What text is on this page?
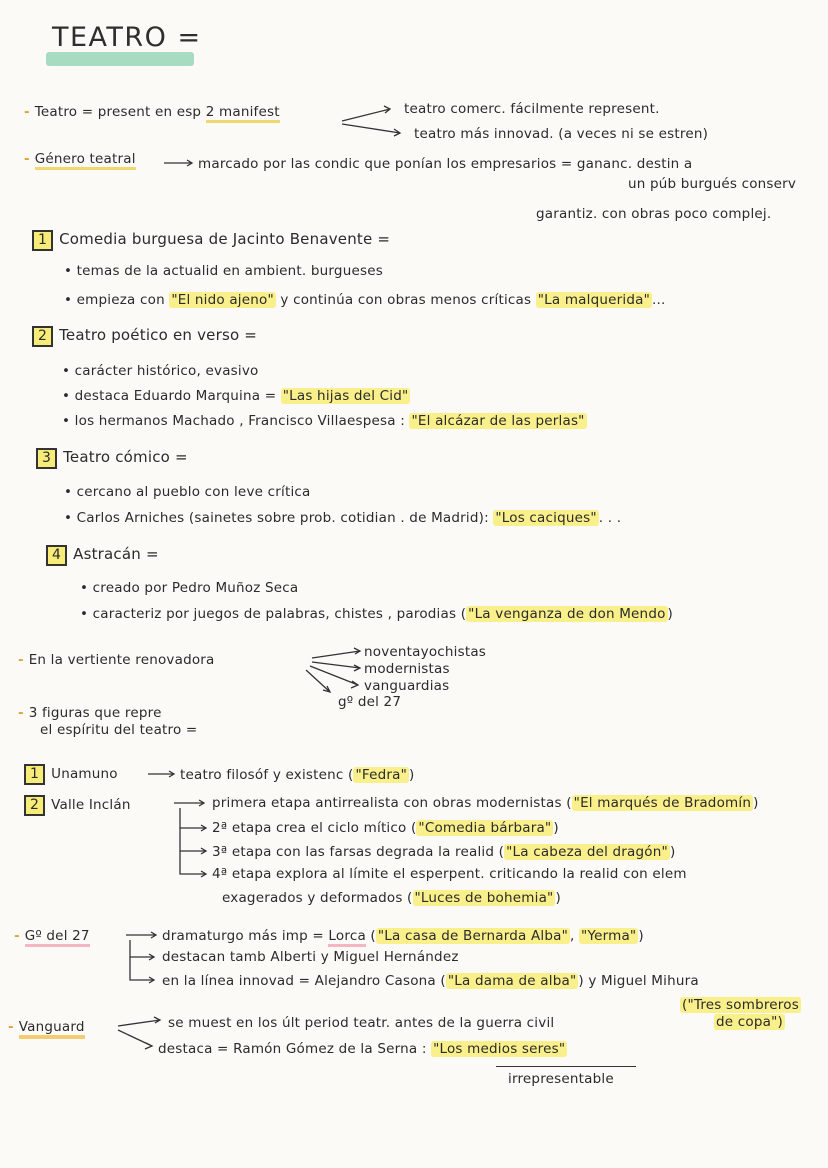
TEATRO =
- Teatro = present en esp 2 manifest	teatro comerc. fácilmente represent.
teatro más innovad. (a veces ni se estren)
- Género teatral	marcado por las condic que ponían los empresarios = gananc. destin a
un púb burgués conserv
garantiz. con obras poco complej.
1 Comedia burguesa de Jacinto Benavente =
• temas de la actualid en ambient. burgueses
• empieza con "El nido ajeno" y continúa con obras menos críticas "La malquerida" ...
2 Teatro poético en verso =
• carácter histórico, evasivo
• destaca Eduardo Marquina = "Las hijas del Cid"
• los hermanos Machado , Francisco Villaespesa : "El alcázar de las perlas"
3 Teatro cómico =
• cercano al pueblo con leve crítica
• Carlos Arniches (sainetes sobre prob. cotidian . de Madrid): "Los caciques" . . .
4 Astracán =
• creado por Pedro Muñoz Seca
• caracteriz por juegos de palabras, chistes , parodias ( "La venganza de don Mendo )
- En la vertiente renovadora	noventayochistas
modernistas
vanguardias
gº del 27
- 3 figuras que repre
el espíritu del teatro =
1 Unamuno	teatro filosóf y existenc ( "Fedra" )
2 Valle Inclán	primera etapa antirrealista con obras modernistas ( "El marqués de Bradomín )
2ª etapa crea el ciclo mítico ( "Comedia bárbara" )
3ª etapa con las farsas degrada la realid ( "La cabeza del dragón" )
4ª etapa explora al límite el esperpent. criticando la realid con elem
exagerados y deformados ( "Luces de bohemia" )
- Gº del 27	dramaturgo más imp = Lorca ( "La casa de Bernarda Alba" , "Yerma" )
destacan tamb Alberti y Miguel Hernández
en la línea innovad = Alejandro Casona ( "La dama de alba" ) y Miguel Mihura
("Tres sombreros
de copa")
- Vanguard	se muest en los últ period teatr. antes de la guerra civil
destaca = Ramón Gómez de la Serna : "Los medios seres"
irrepresentable
